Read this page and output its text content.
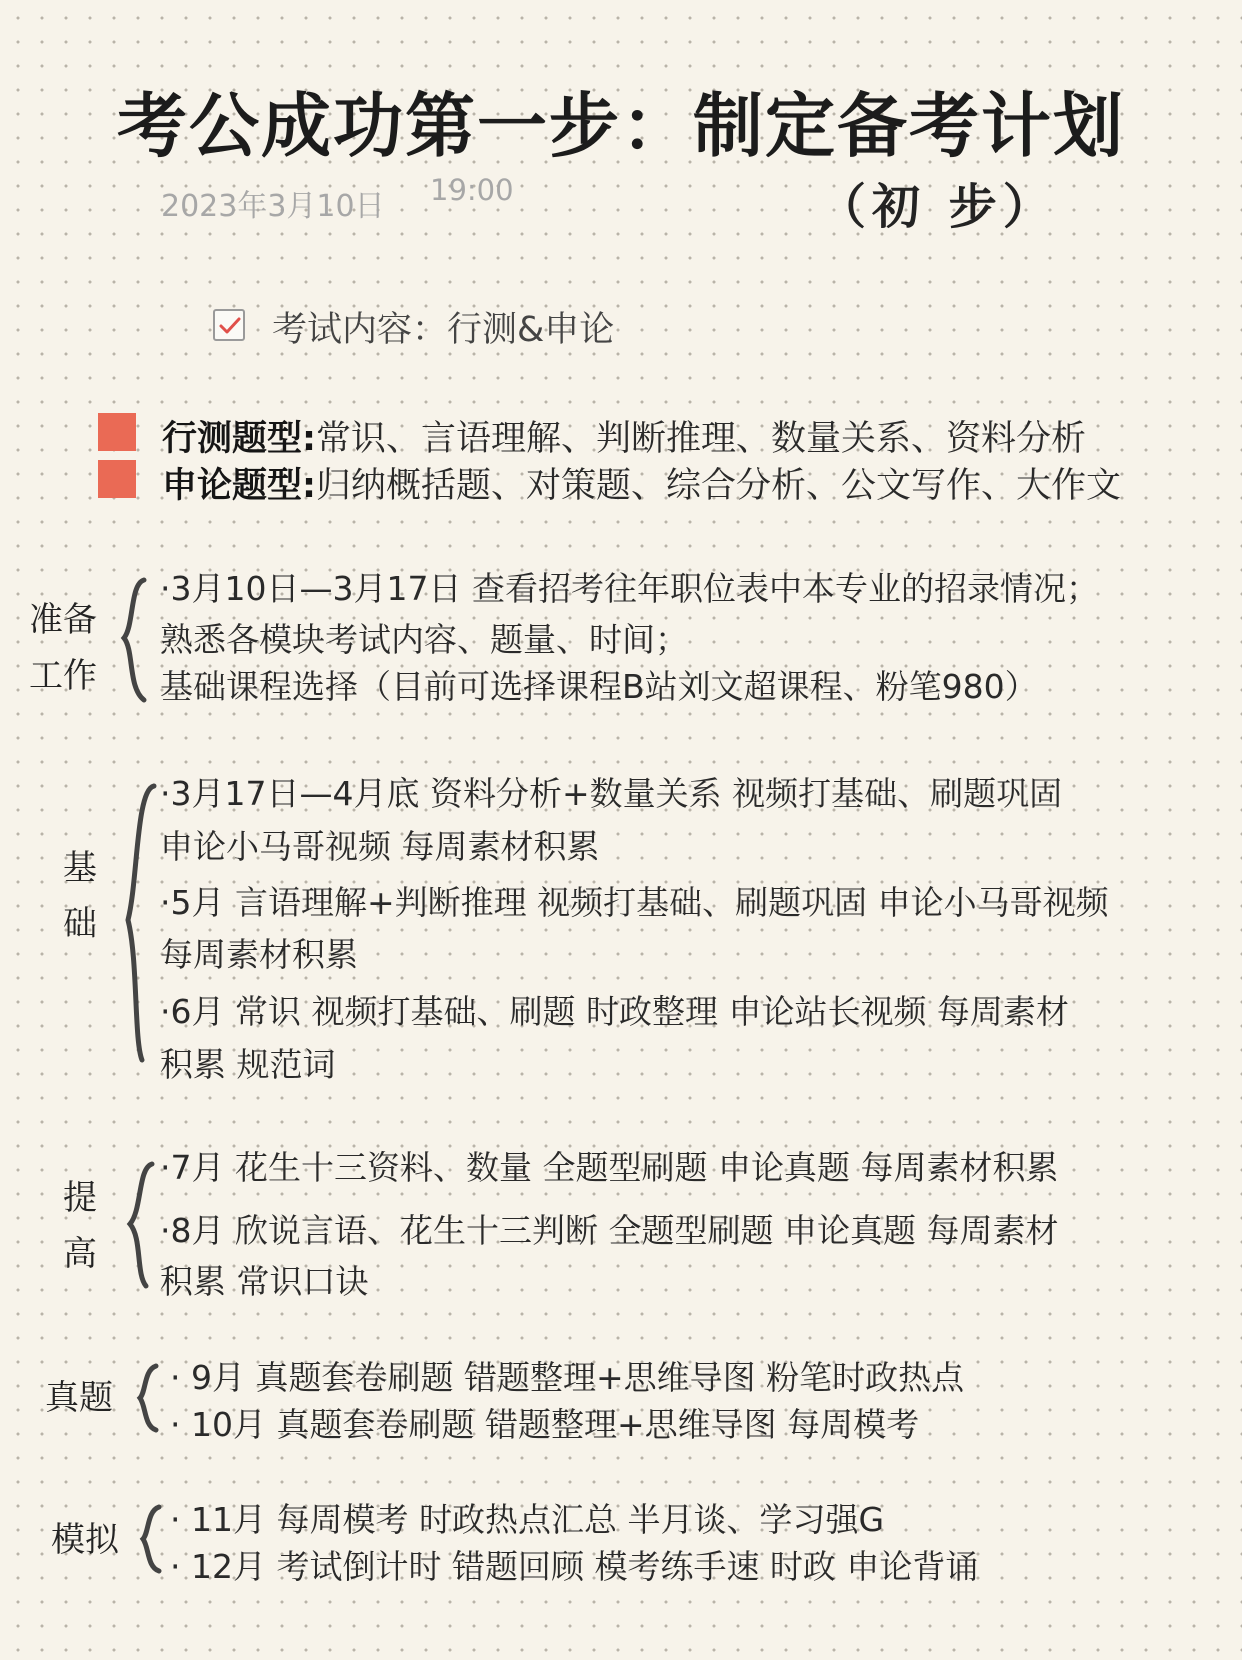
考公成功第一步：制定备考计划
2023年3月10日 19:00	（初 步）
考试内容：行测&申论
行测题型:常识、言语理解、判断推理、数量关系、资料分析
申论题型:归纳概括题、对策题、综合分析、公文写作、大作文
准备
工作
·3月10日—3月17日 查看招考往年职位表中本专业的招录情况；
熟悉各模块考试内容、题量、时间；
基础课程选择（目前可选择课程B站刘文超课程、粉笔980）
基
础
·3月17日—4月底 资料分析+数量关系 视频打基础、刷题巩固
申论小马哥视频 每周素材积累
·5月 言语理解+判断推理 视频打基础、刷题巩固 申论小马哥视频
每周素材积累
·6月 常识 视频打基础、刷题 时政整理 申论站长视频 每周素材
积累 规范词
提
高
·7月 花生十三资料、数量 全题型刷题 申论真题 每周素材积累
·8月 欣说言语、花生十三判断 全题型刷题 申论真题 每周素材
积累 常识口诀
真题
· 9月 真题套卷刷题 错题整理+思维导图 粉笔时政热点
· 10月 真题套卷刷题 错题整理+思维导图 每周模考
模拟
· 11月 每周模考 时政热点汇总 半月谈、学习强G
· 12月 考试倒计时 错题回顾 模考练手速 时政 申论背诵
